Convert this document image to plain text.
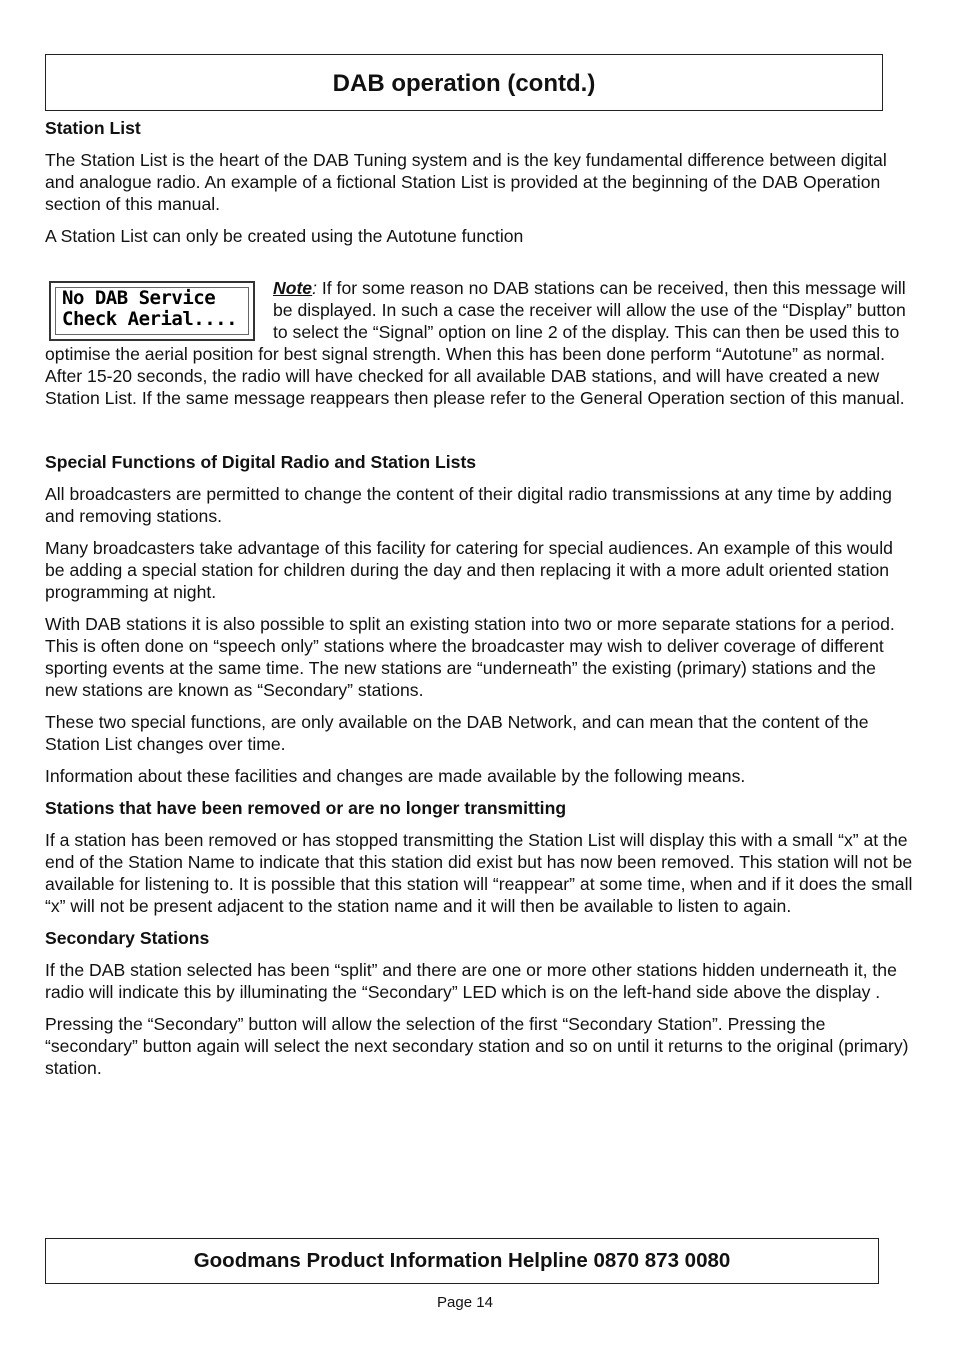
DAB operation (contd.)
Station List

The Station List is the heart of the DAB Tuning system and is the key fundamental difference between digital and analogue radio. An example of a fictional Station List is provided at the beginning of the DAB Operation section of this manual.

A Station List can only be created using the Autotune function

No DAB Service
Check Aerial....

Note: If for some reason no DAB stations can be received, then this message will be displayed. In such a case the receiver will allow the use of the “Display” button to select the “Signal” option on line 2 of the display. This can then be used this to optimise the aerial position for best signal strength. When this has been done perform “Autotune” as normal. After 15-20 seconds, the radio will have checked for all available DAB stations, and will have created a new Station List. If the same message reappears then please refer to the General Operation section of this manual.

Special Functions of Digital Radio and Station Lists

All broadcasters are permitted to change the content of their digital radio transmissions at any time by adding and removing stations.

Many broadcasters take advantage of this facility for catering for special audiences. An example of this would be adding a special station for children during the day and then replacing it with a more adult oriented station programming at night.

With DAB stations it is also possible to split an existing station into two or more separate stations for a period. This is often done on “speech only” stations where the broadcaster may wish to deliver coverage of different sporting events at the same time. The new stations are “underneath” the existing (primary) stations and the new stations are known as “Secondary” stations.

These two special functions, are only available on the DAB Network, and can mean that the content of the Station List changes over time.

Information about these facilities and changes are made available by the following means.

Stations that have been removed or are no longer transmitting

If a station has been removed or has stopped transmitting the Station List will display this with a small “x” at the end of the Station Name to indicate that this station did exist but has now been removed. This station will not be available for listening to. It is possible that this station will “reappear” at some time, when and if it does the small “x” will not be present adjacent to the station name and it will then be available to listen to again.

Secondary Stations

If the DAB station selected has been “split” and there are one or more other stations hidden underneath it, the radio will indicate this by illuminating the “Secondary” LED which is on the left-hand side above the display .

Pressing the “Secondary” button will allow the selection of the first “Secondary Station”. Pressing the “secondary” button again will select the next secondary station and so on until it returns to the original (primary) station.

Goodmans Product Information Helpline 0870 873 0080
Page 14
